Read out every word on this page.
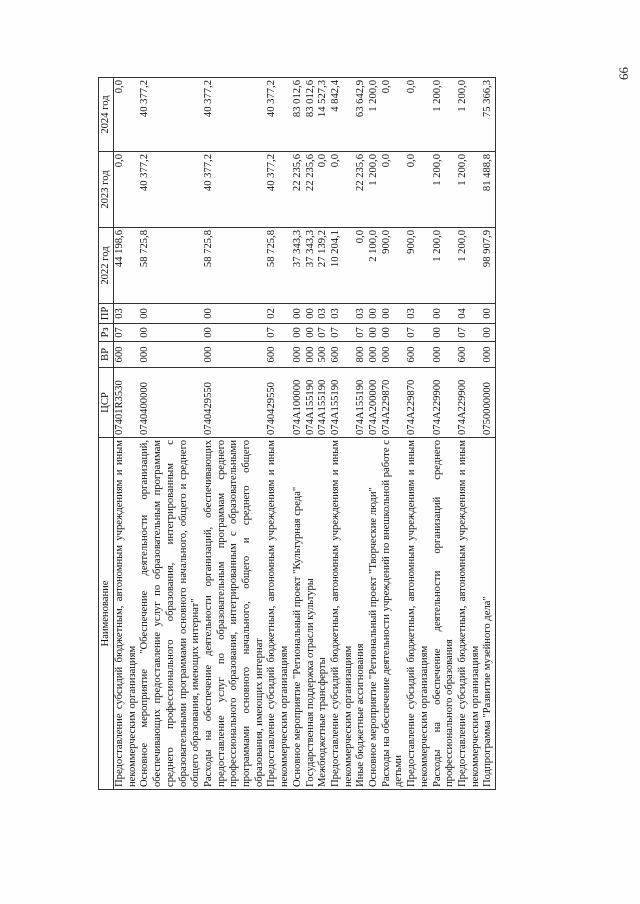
66
Наименование	ЦСР	ВР	Рз	ПР	2022 год	2023 год	2024 год
Предоставление субсидий бюджетным, автономным учреждениям и иным некоммерческим организациям	07401R3530	600	07	03	44 198,6	0,0	0,0
Основное мероприятие "Обеспечение деятельности организаций, обеспечивающих предоставление услуг по образовательным программам среднего профессионального образования, интегрированным с образовательными программами основного начального, общего и среднего общего образования, имеющих интернат"	0740400000	000	00	00	58 725,8	40 377,2	40 377,2
Расходы на обеспечение деятельности организаций, обеспечивающих предоставление услуг по образовательным программам среднего профессионального образования, интегрированным с образовательными программами основного начального, общего и среднего общего образования, имеющих интернат	0740429550	000	00	00	58 725,8	40 377,2	40 377,2
Предоставление субсидий бюджетным, автономным учреждениям и иным некоммерческим организациям	0740429550	600	07	02	58 725,8	40 377,2	40 377,2
Основное мероприятие "Региональный проект "Культурная среда"	074A100000	000	00	00	37 343,3	22 235,6	83 012,6
Государственная поддержка отрасли культуры	074A155190	000	00	00	37 343,3	22 235,6	83 012,6
Межбюджетные трансферты	074A155190	500	07	03	27 139,2	0,0	14 527,3
Предоставление субсидий бюджетным, автономным учреждениям и иным некоммерческим организациям	074A155190	600	07	03	10 204,1	0,0	4 842,4
Иные бюджетные ассигнования	074A155190	800	07	03	0,0	22 235,6	63 642,9
Основное мероприятие "Региональный проект "Творческие люди"	074A200000	000	00	00	2 100,0	1 200,0	1 200,0
Расходы на обеспечение деятельности учреждений по внешкольной работе с детьми	074A229870	000	00	00	900,0	0,0	0,0
Предоставление субсидий бюджетным, автономным учреждениям и иным некоммерческим организациям	074A229870	600	07	03	900,0	0,0	0,0
Расходы на обеспечение деятельности организаций среднего профессионального образования	074A229900	000	00	00	1 200,0	1 200,0	1 200,0
Предоставление субсидий бюджетным, автономным учреждениям и иным некоммерческим организациям	074A229900	600	07	04	1 200,0	1 200,0	1 200,0
Подпрограмма "Развитие музейного дела"	0750000000	000	00	00	98 907,9	81 488,8	75 366,3
